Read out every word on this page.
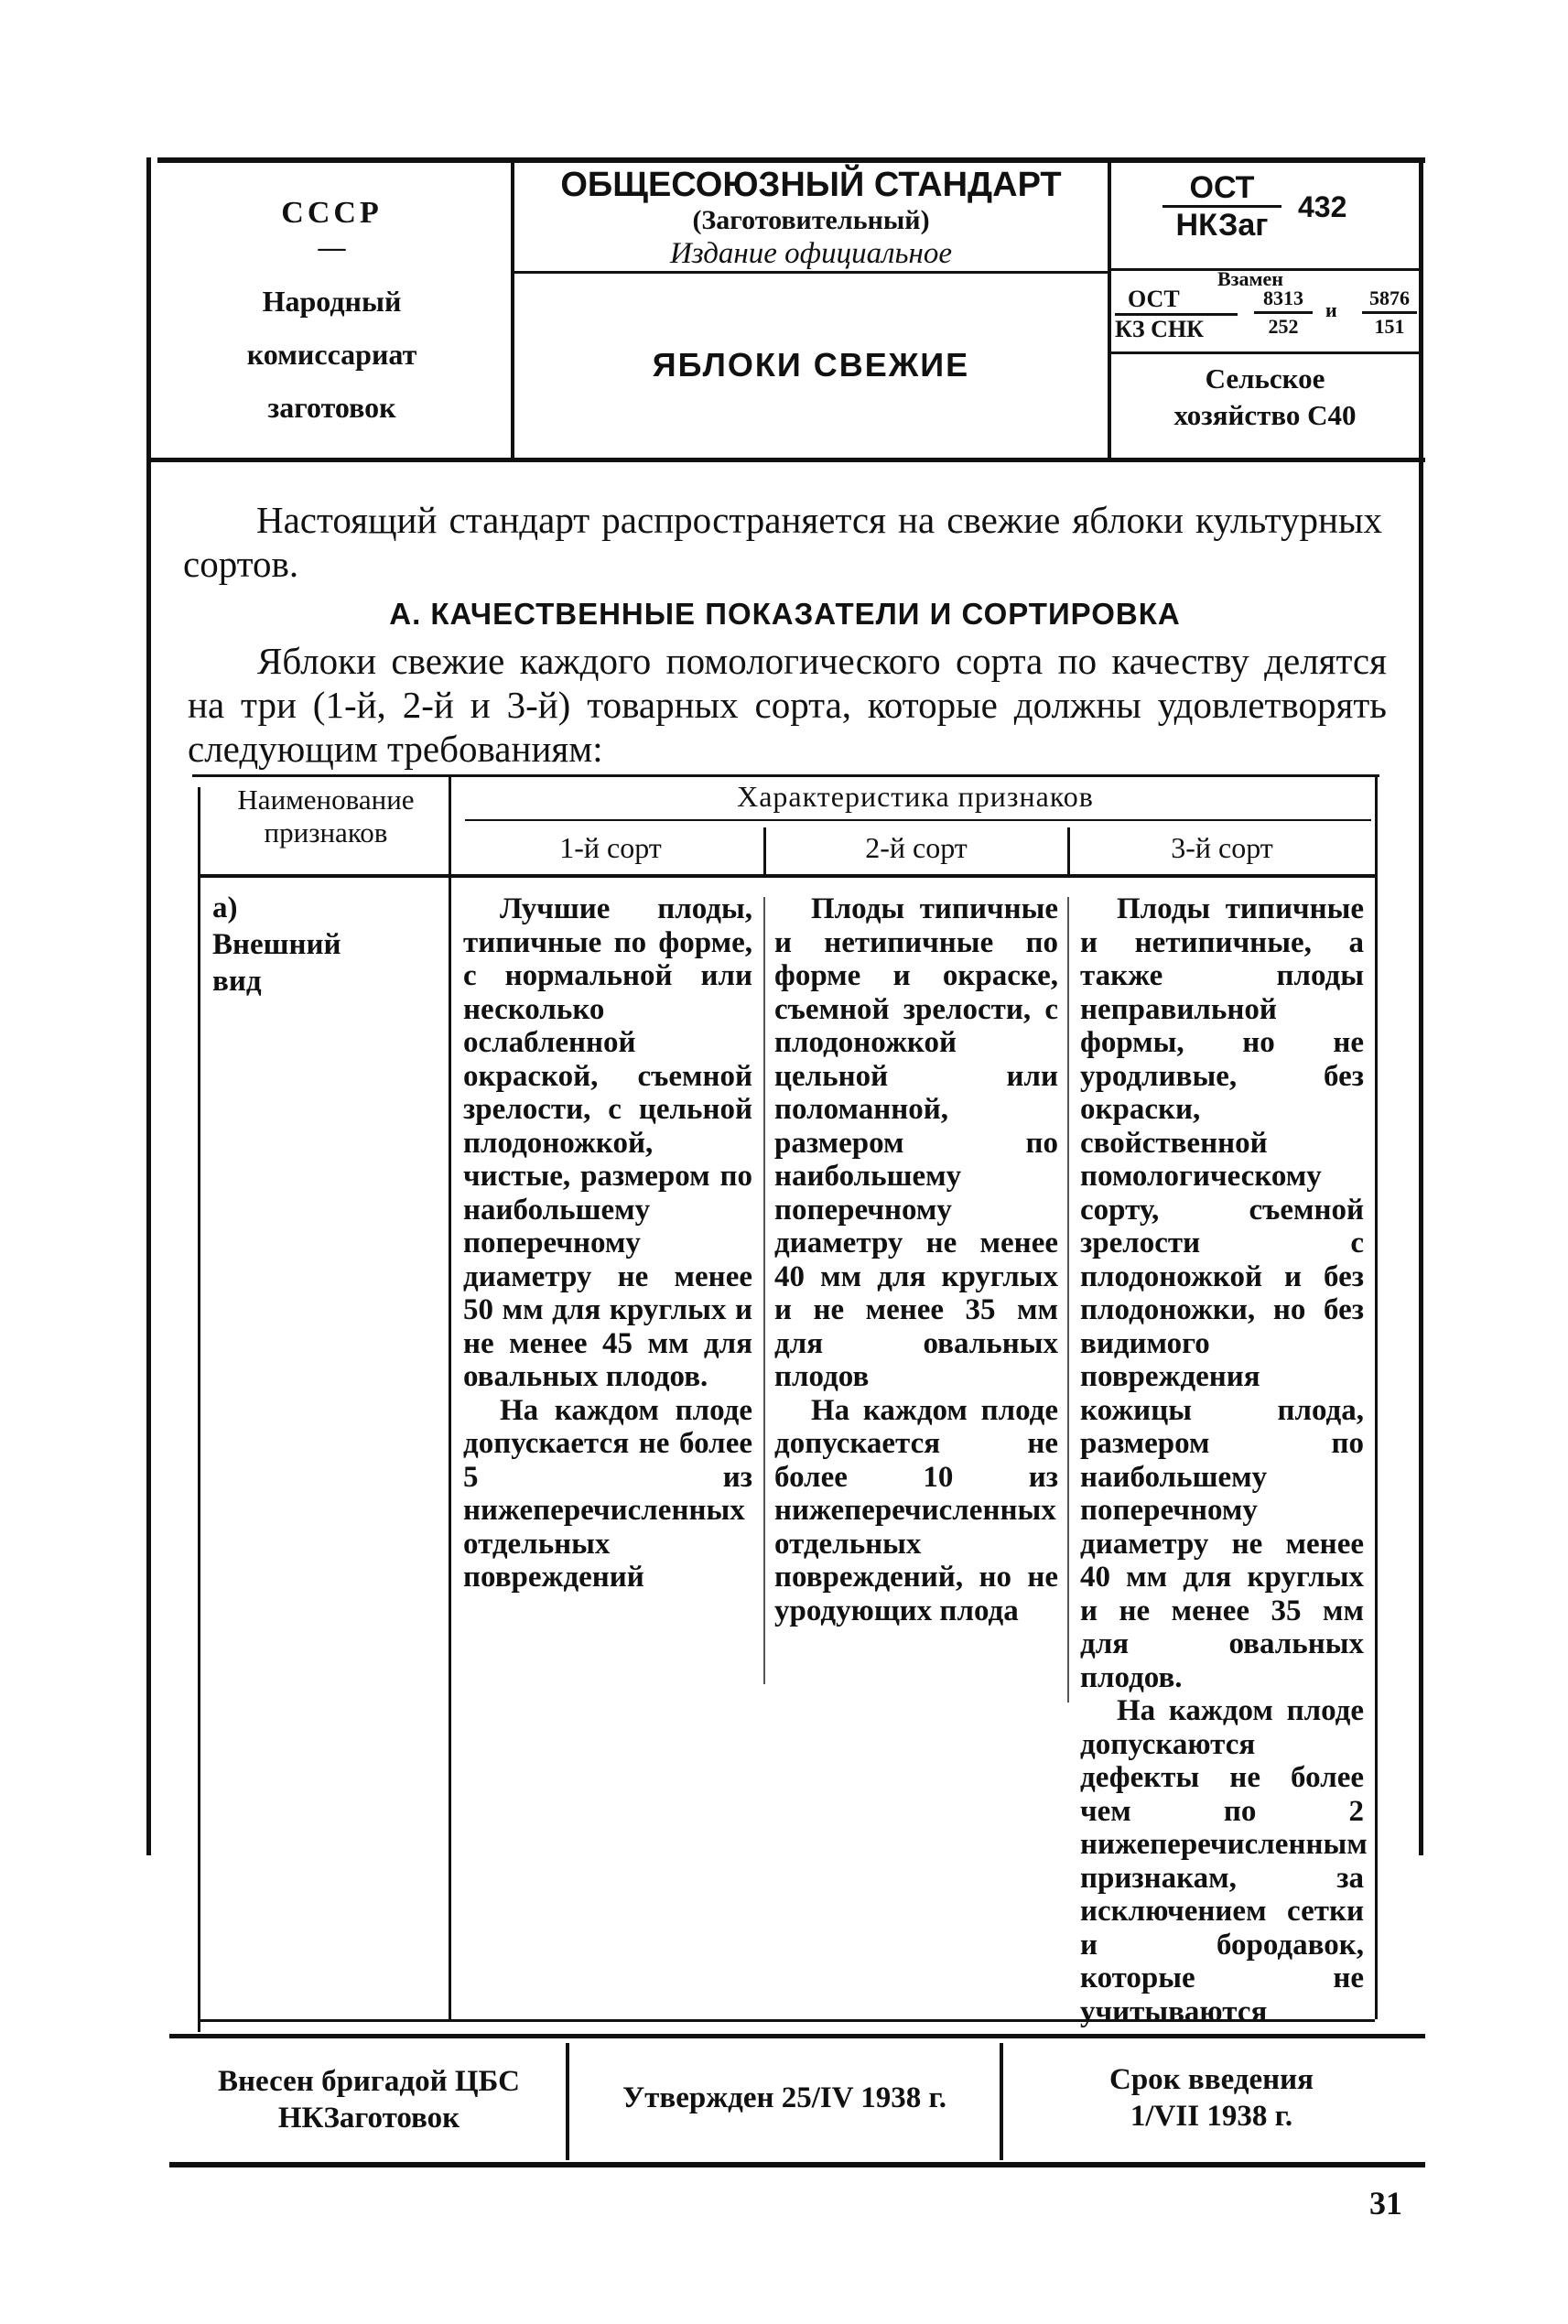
СССР
—
Народный
комиссариат
заготовок
ОБЩЕСОЮЗНЫЙ СТАНДАРТ
(Заготовительный)
Издание официальное
ЯБЛОКИ СВЕЖИЕ
ОСТ
НКЗаг
432
Взамен
ОСТ
КЗ СНК
8313
252
и
5876
151
Сельское
хозяйство С40
Настоящий стандарт распространяется на свежие яблоки культурных сортов.
А. КАЧЕСТВЕННЫЕ ПОКАЗАТЕЛИ И СОРТИРОВКА
Яблоки свежие каждого помологического сорта по качеству делятся на три (1-й, 2-й и 3-й) товарных сорта, которые должны удовлетворять следующим требованиям:
Наименование признаков
Характеристика признаков
1-й сорт	2-й сорт	3-й сорт
а) Внешний вид
Лучшие плоды, типичные по форме, с нормальной или несколько ослабленной окраской, съемной зрелости, с цельной плодоножкой, чистые, размером по наибольшему поперечному диаметру не менее 50 мм для круглых и не менее 45 мм для овальных плодов.
На каждом плоде допускается не более 5 из нижеперечисленных отдельных повреждений
Плоды типичные и нетипичные по форме и окраске, съемной зрелости, с плодоножкой цельной или поломанной, размером по наибольшему поперечному диаметру не менее 40 мм для круглых и не менее 35 мм для овальных плодов
На каждом плоде допускается не более 10 из нижеперечисленных отдельных повреждений, но не уродующих плода
Плоды типичные и нетипичные, а также плоды неправильной формы, но не уродливые, без окраски, свойственной помологическому сорту, съемной зрелости с плодоножкой и без плодоножки, но без видимого повреждения кожицы плода, размером по наибольшему поперечному диаметру не менее 40 мм для круглых и не менее 35 мм для овальных плодов.
На каждом плоде допускаются дефекты не более чем по 2 нижеперечисленным признакам, за исключением сетки и бородавок, которые не учитываются
Внесен бригадой ЦБС НКЗаготовок
Утвержден 25/IV 1938 г.
Срок введения
1/VII 1938 г.
31
